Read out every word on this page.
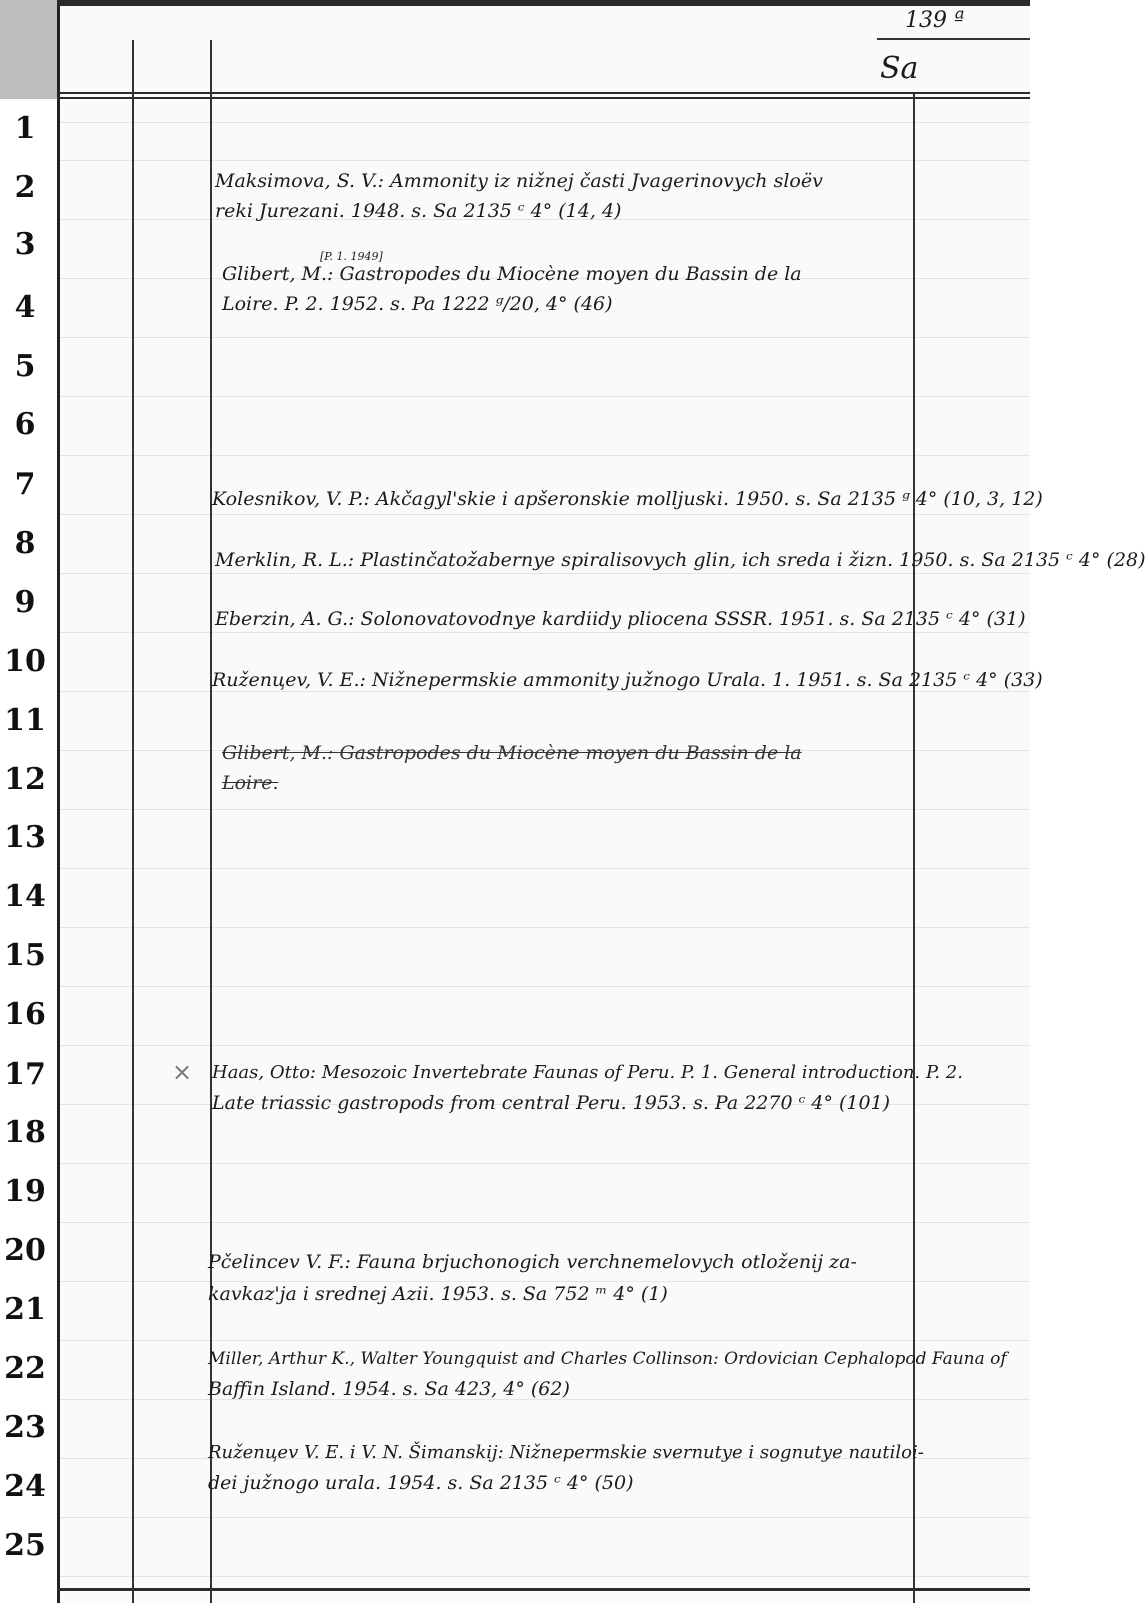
1
2
3
4
5
6
7
8
9
10
11
12
13
14
15
16
17
18
19
20
21
22
23
24
25
139 ª
Sa
Maksimova, S. V.: Ammonity iz nižnej časti Jvagerinovych sloëv
reki Jurezani. 1948. s. Sa 2135 ᶜ 4° (14, 4)
[P. 1. 1949]
Glibert, M.: Gastropodes du Miocène moyen du Bassin de la
Loire. P. 2. 1952. s. Pa 1222 ᵍ/20, 4° (46)
Kolesnikov, V. P.: Akčagyl'skie i apšeronskie molljuski. 1950. s. Sa 2135 ᵍ 4° (10, 3, 12)
Merklin, R. L.: Plastinčatožabernye spiralisovych glin, ich sreda i žizn. 1950. s. Sa 2135 ᶜ 4° (28)
Eberzin, A. G.: Solonovatovodnye kardiidy pliocena SSSR. 1951. s. Sa 2135 ᶜ 4° (31)
Ruženцev, V. E.: Nižnepermskie ammonity južnogo Urala. 1. 1951. s. Sa 2135 ᶜ 4° (33)
Glibert, M.: Gastropodes du Miocène moyen du Bassin de la
Loire.
× Haas, Otto: Mesozoic Invertebrate Faunas of Peru. P. 1. General introduction. P. 2.
Late triassic gastropods from central Peru. 1953. s. Pa 2270 ᶜ 4° (101)
Pčelincev V. F.: Fauna brjuchonogich verchnemelovych otloženij za-
kavkaz'ja i srednej Azii. 1953. s. Sa 752 ᵐ 4° (1)
Miller, Arthur K., Walter Youngquist and Charles Collinson: Ordovician Cephalopod Fauna of
Baffin Island. 1954. s. Sa 423, 4° (62)
Ruženцev V. E. i V. N. Šimanskij: Nižnepermskie svernutye i sognutye nautiloi-
dei južnogo urala. 1954. s. Sa 2135 ᶜ 4° (50)
